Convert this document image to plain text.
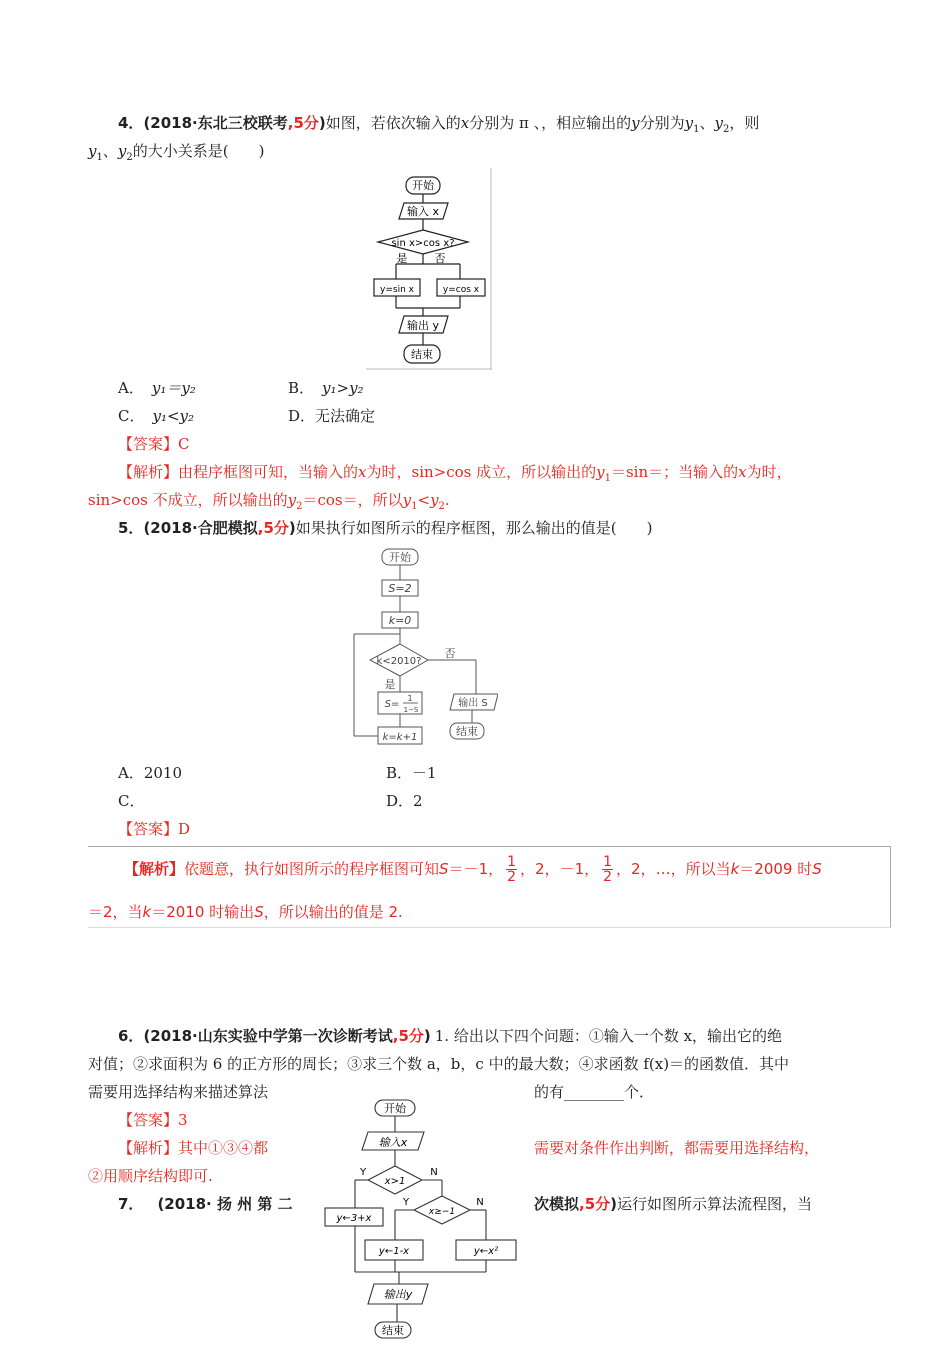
4．(2018·东北三校联考,5分)如图，若依次输入的x分别为 π 、，相应输出的y分别为$y_1$、$y_2$，则
$y_1$、$y_2$的大小关系是(　　)
开始
输入 x
sin x>cos x?
是 否
y=sin x	y=cos x
输出 y
结束
A． y₁＝y₂	B． y₁>y₂
C． y₁<y₂	D．无法确定
【答案】C
【解析】由程序框图可知，当输入的x为时，sin>cos 成立，所以输出的$y_1=\sin=$；当输入的x为时，
sin>cos 不成立，所以输出的$y_2=\cos=$，所以$y_1<y_2$.
5．(2018·合肥模拟,5分)如果执行如图所示的程序框图，那么输出的值是(　　)
开始
S=2
k=0
k<2010?
否
是
S=
1
1−S
k=k+1
输出 S
结束
A．2010	B．－1
C．	D．2
【答案】D
【解析】依题意，执行如图所示的程序框图可知S＝－1， $\frac{1}{2}$ ，2，－1， $\frac{1}{2}$ ，2，…，所以当k＝2009 时S
＝2，当k＝2010 时输出S，所以输出的值是 2.
6．(2018·山东实验中学第一次诊断考试,5分) 1. 给出以下四个问题：①输入一个数 x，输出它的绝
对值；②求面积为 6 的正方形的周长；③求三个数 a，b，c 中的最大数；④求函数 f(x)＝的函数值．其中
需要用选择结构来描述算法	的有________个．
【答案】3
【解析】其中①③④都	需要对条件作出判断，都需要用选择结构，
②用顺序结构即可.
7． (2018· 扬 州 第 二	次模拟,5分)运行如图所示算法流程图，当
开始
输入x
x>1
Y	N
y←3+x
x≥−1
Y	N
y←1-x	y←x²
输出y
结束
